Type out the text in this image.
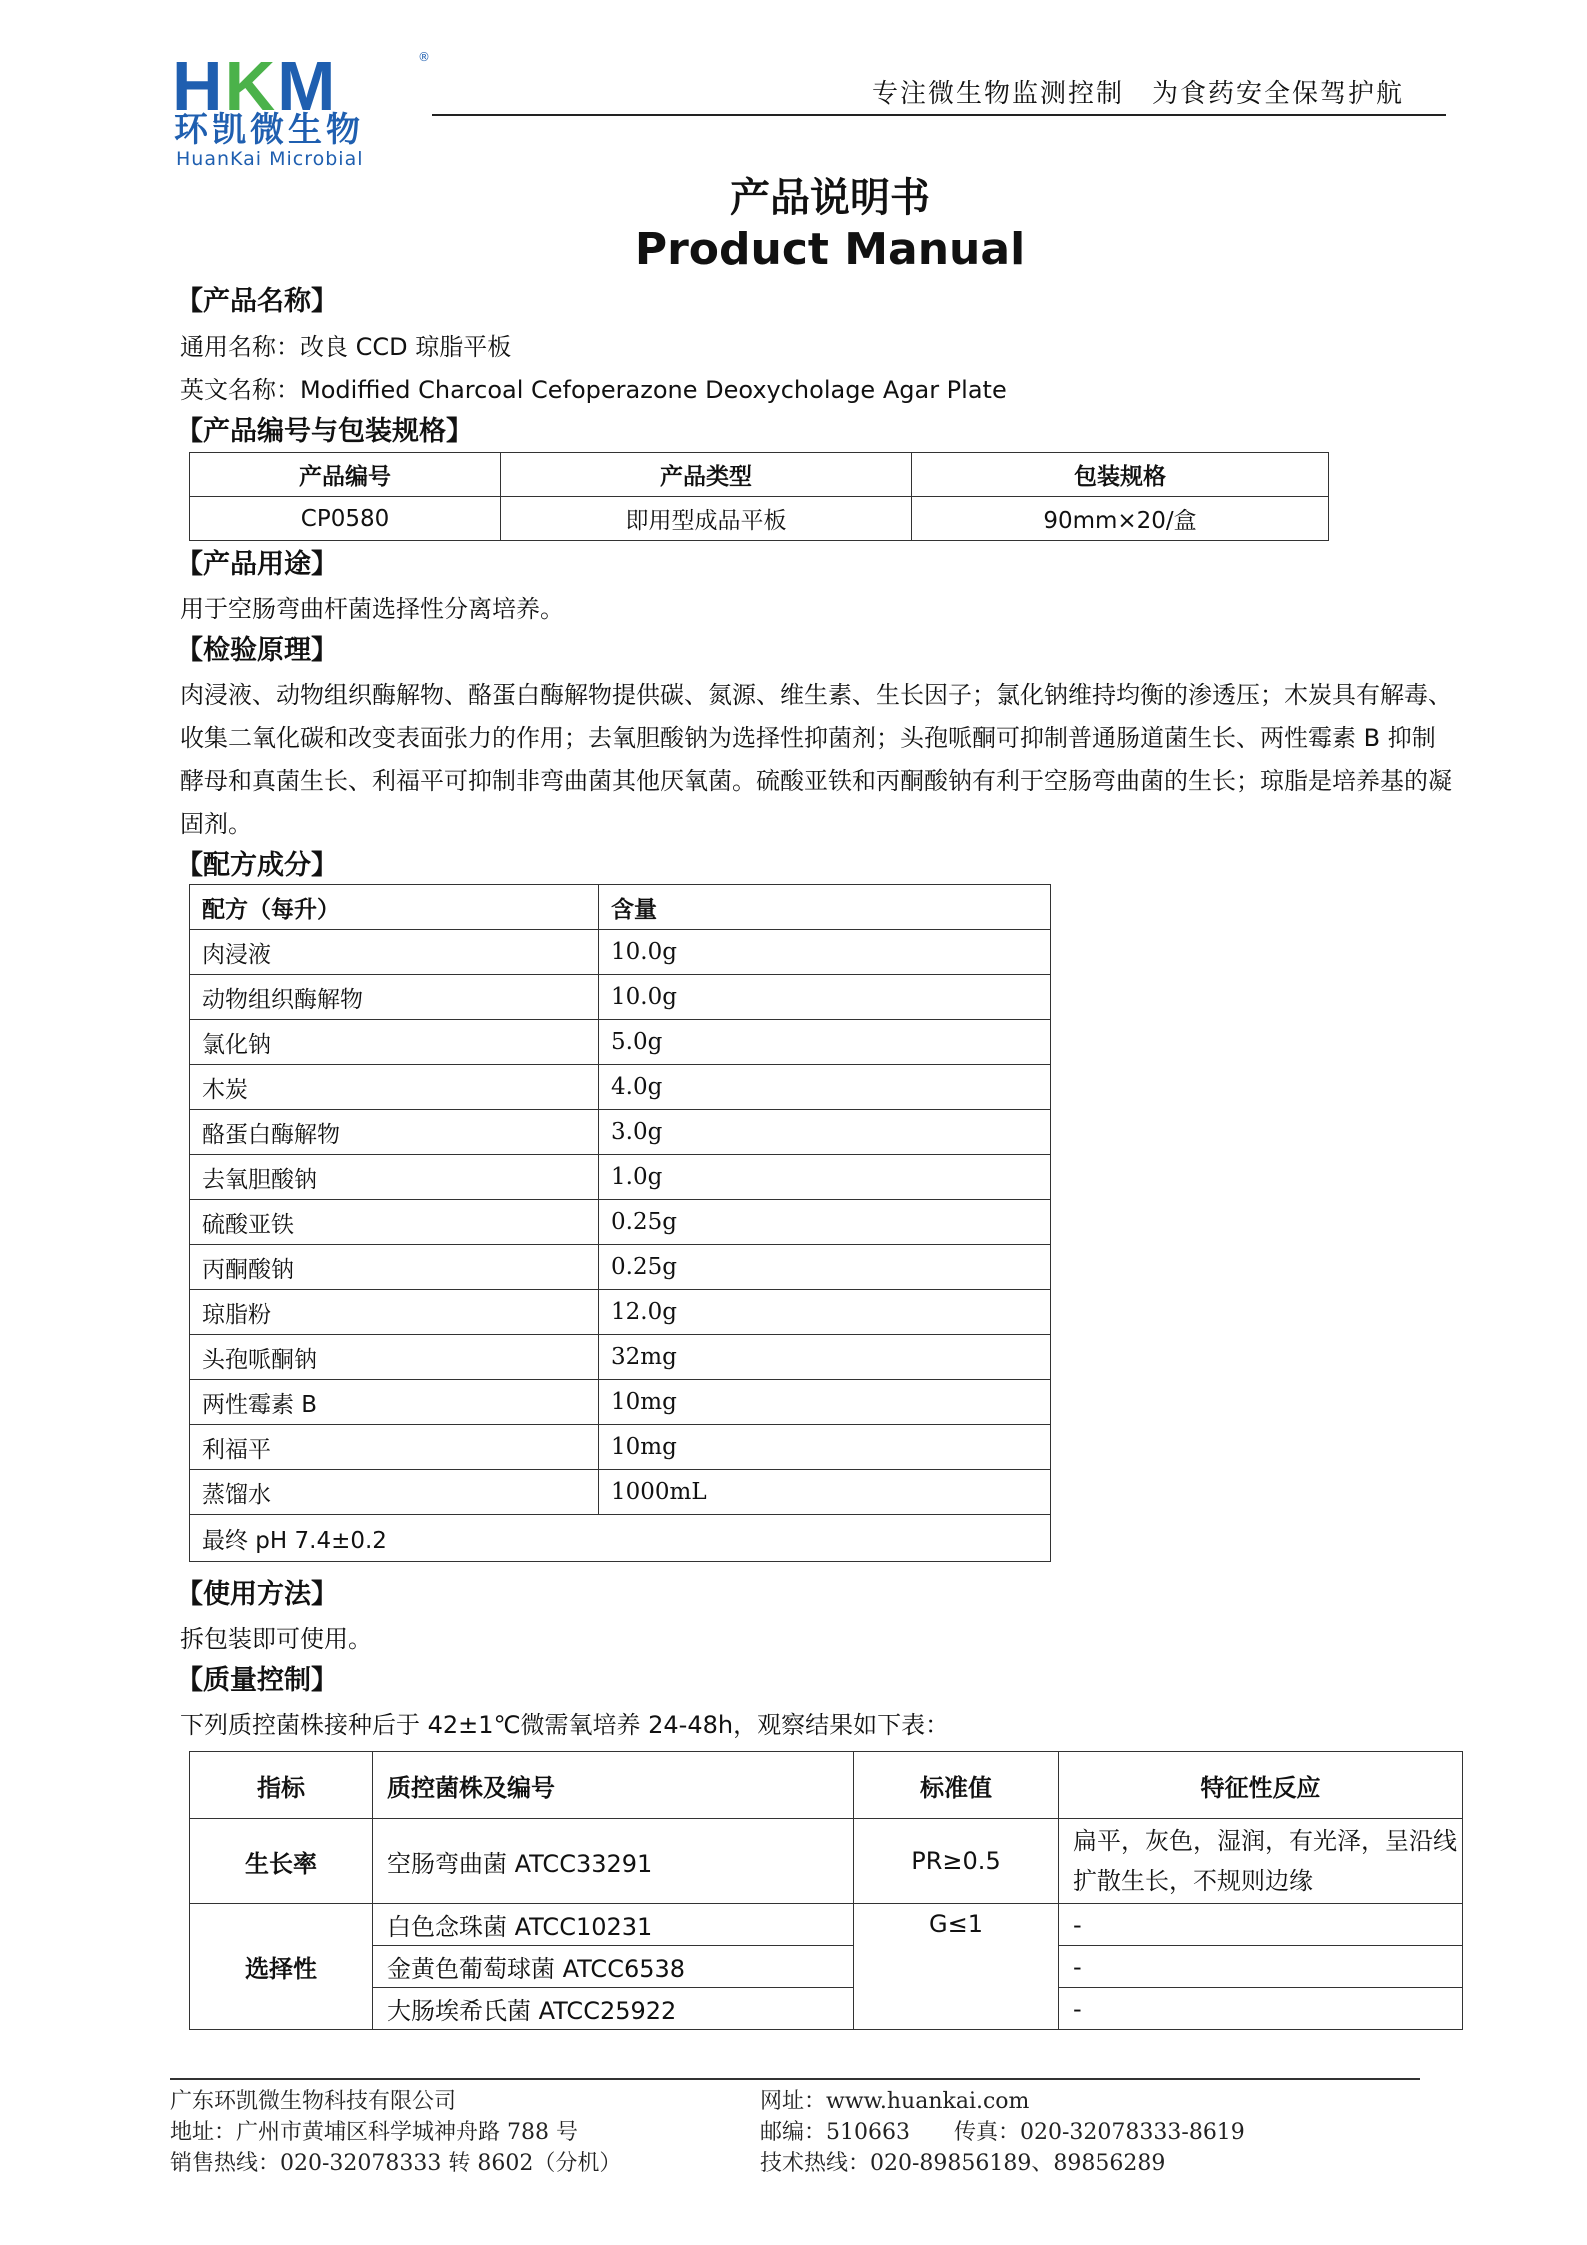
HKM	®
环凯微生物
HuanKai Microbial
专注微生物监测控制　为食药安全保驾护航
产品说明书
Product Manual
【产品名称】
通用名称：改良 CCD 琼脂平板
英文名称：Modiffied Charcoal Cefoperazone Deoxycholage Agar Plate
【产品编号与包装规格】
产品编号	产品类型	包装规格
CP0580	即用型成品平板	90mm×20/盒
【产品用途】
用于空肠弯曲杆菌选择性分离培养。
【检验原理】
肉浸液、动物组织酶解物、酪蛋白酶解物提供碳、氮源、维生素、生长因子；氯化钠维持均衡的渗透压；木炭具有解毒、
收集二氧化碳和改变表面张力的作用；去氧胆酸钠为选择性抑菌剂；头孢哌酮可抑制普通肠道菌生长、两性霉素 B 抑制
酵母和真菌生长、利福平可抑制非弯曲菌其他厌氧菌。硫酸亚铁和丙酮酸钠有利于空肠弯曲菌的生长；琼脂是培养基的凝
固剂。
【配方成分】
配方（每升）	含量
肉浸液	10.0g
动物组织酶解物	10.0g
氯化钠	5.0g
木炭	4.0g
酪蛋白酶解物	3.0g
去氧胆酸钠	1.0g
硫酸亚铁	0.25g
丙酮酸钠	0.25g
琼脂粉	12.0g
头孢哌酮钠	32mg
两性霉素 B	10mg
利福平	10mg
蒸馏水	1000mL
最终 pH 7.4±0.2	
【使用方法】
拆包装即可使用。
【质量控制】
下列质控菌株接种后于 42±1℃微需氧培养 24-48h，观察结果如下表：
指标	质控菌株及编号	标准值	特征性反应
生长率	空肠弯曲菌 ATCC33291	PR≥0.5	扁平，灰色，湿润，有光泽，呈沿线
扩散生长，不规则边缘

选择性	白色念珠菌 ATCC10231	G≤1	-
	金黄色葡萄球菌 ATCC6538		-
	大肠埃希氏菌 ATCC25922		-
广东环凯微生物科技有限公司
地址：广州市黄埔区科学城神舟路 788 号
销售热线：020-32078333 转 8602（分机）
网址：www.huankai.com
邮编：510663　　传真：020-32078333-8619
技术热线：020-89856189、89856289
